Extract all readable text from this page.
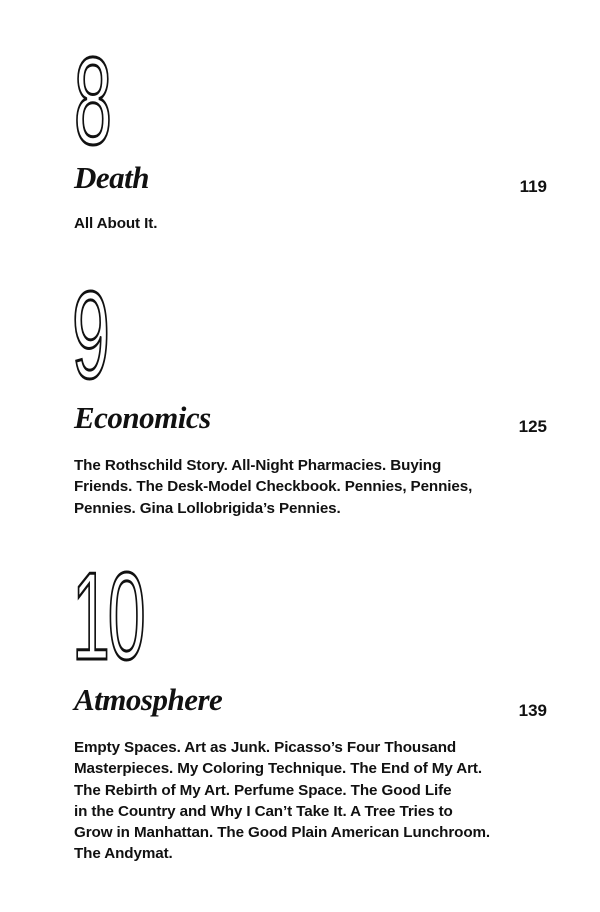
8
Death	119
All About It.
9
Economics	125
The Rothschild Story. All-Night Pharmacies. Buying
Friends. The Desk-Model Checkbook. Pennies, Pennies,
Pennies. Gina Lollobrigida’s Pennies.
10
Atmosphere	139
Empty Spaces. Art as Junk. Picasso’s Four Thousand
Masterpieces. My Coloring Technique. The End of My Art.
The Rebirth of My Art. Perfume Space. The Good Life
in the Country and Why I Can’t Take It. A Tree Tries to
Grow in Manhattan. The Good Plain American Lunchroom.
The Andymat.
